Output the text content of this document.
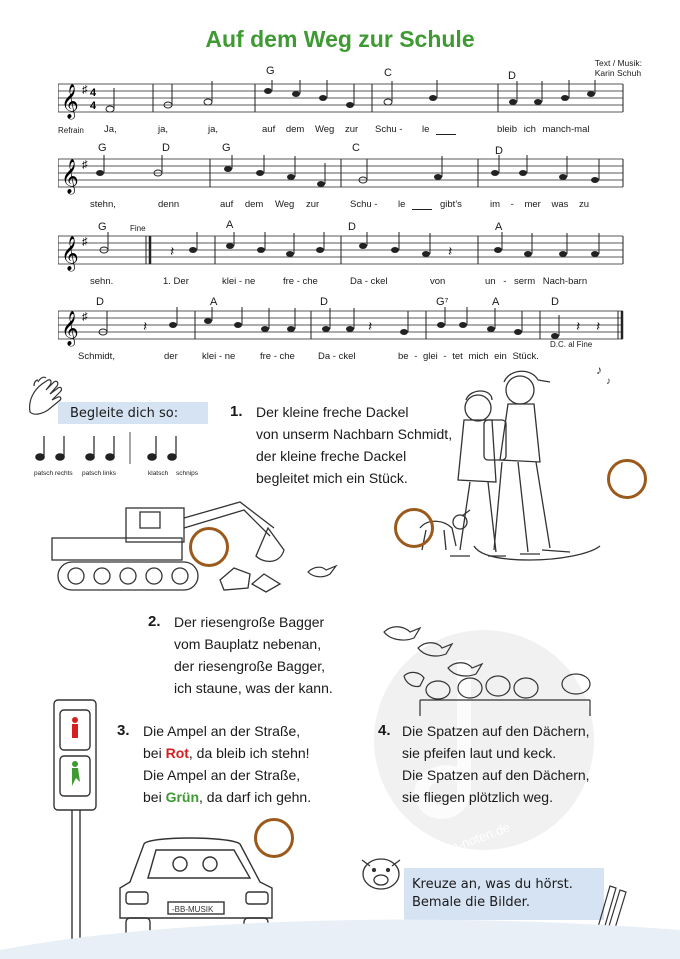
Auf dem Weg zur Schule
Text / Musik:
Karin Schuh
G	C	D
𝄞 ♯ 4
4
Refrain Ja,	ja,	ja,	auf dem Weg zur Schu - le	bleib ich manch-mal
G	D	G	C	D
𝄞 ♯
stehn,	denn	auf dem Weg zur	Schu - le	gibt's	im - mer was zu
G	Fine	A	D	A
𝄞 ♯
𝄽	𝄽
sehn.	1. Der	klei - ne	fre - che	Da - ckel	von	un - serm Nach-barn
D	A	D	G⁷	A	D
𝄞 ♯
𝄽	𝄽	𝄽 𝄽
D.C. al Fine
Schmidt,	der	klei - ne	fre - che Da - ckel	be - glei - tet mich ein Stück.
Begleite dich so:
patsch rechts patsch links	klatsch schnips
1. Der kleine freche Dackel
von unserm Nachbarn Schmidt,
der kleine freche Dackel
begleitet mich ein Stück.
♪
♪
2. Der riesengroße Bagger
vom Bauplatz nebenan,
der riesengroße Bagger,
ich staune, was der kann.
alle-noten.de
3. Die Ampel an der Straße,
bei Rot, da bleib ich stehn!
Die Ampel an der Straße,
bei Grün, da darf ich gehn.
4. Die Spatzen auf den Dächern,
sie pfeifen laut und keck.
Die Spatzen auf den Dächern,
sie fliegen plötzlich weg.
-BB-MUSIK
Kreuze an, was du hörst.
Bemale die Bilder.
